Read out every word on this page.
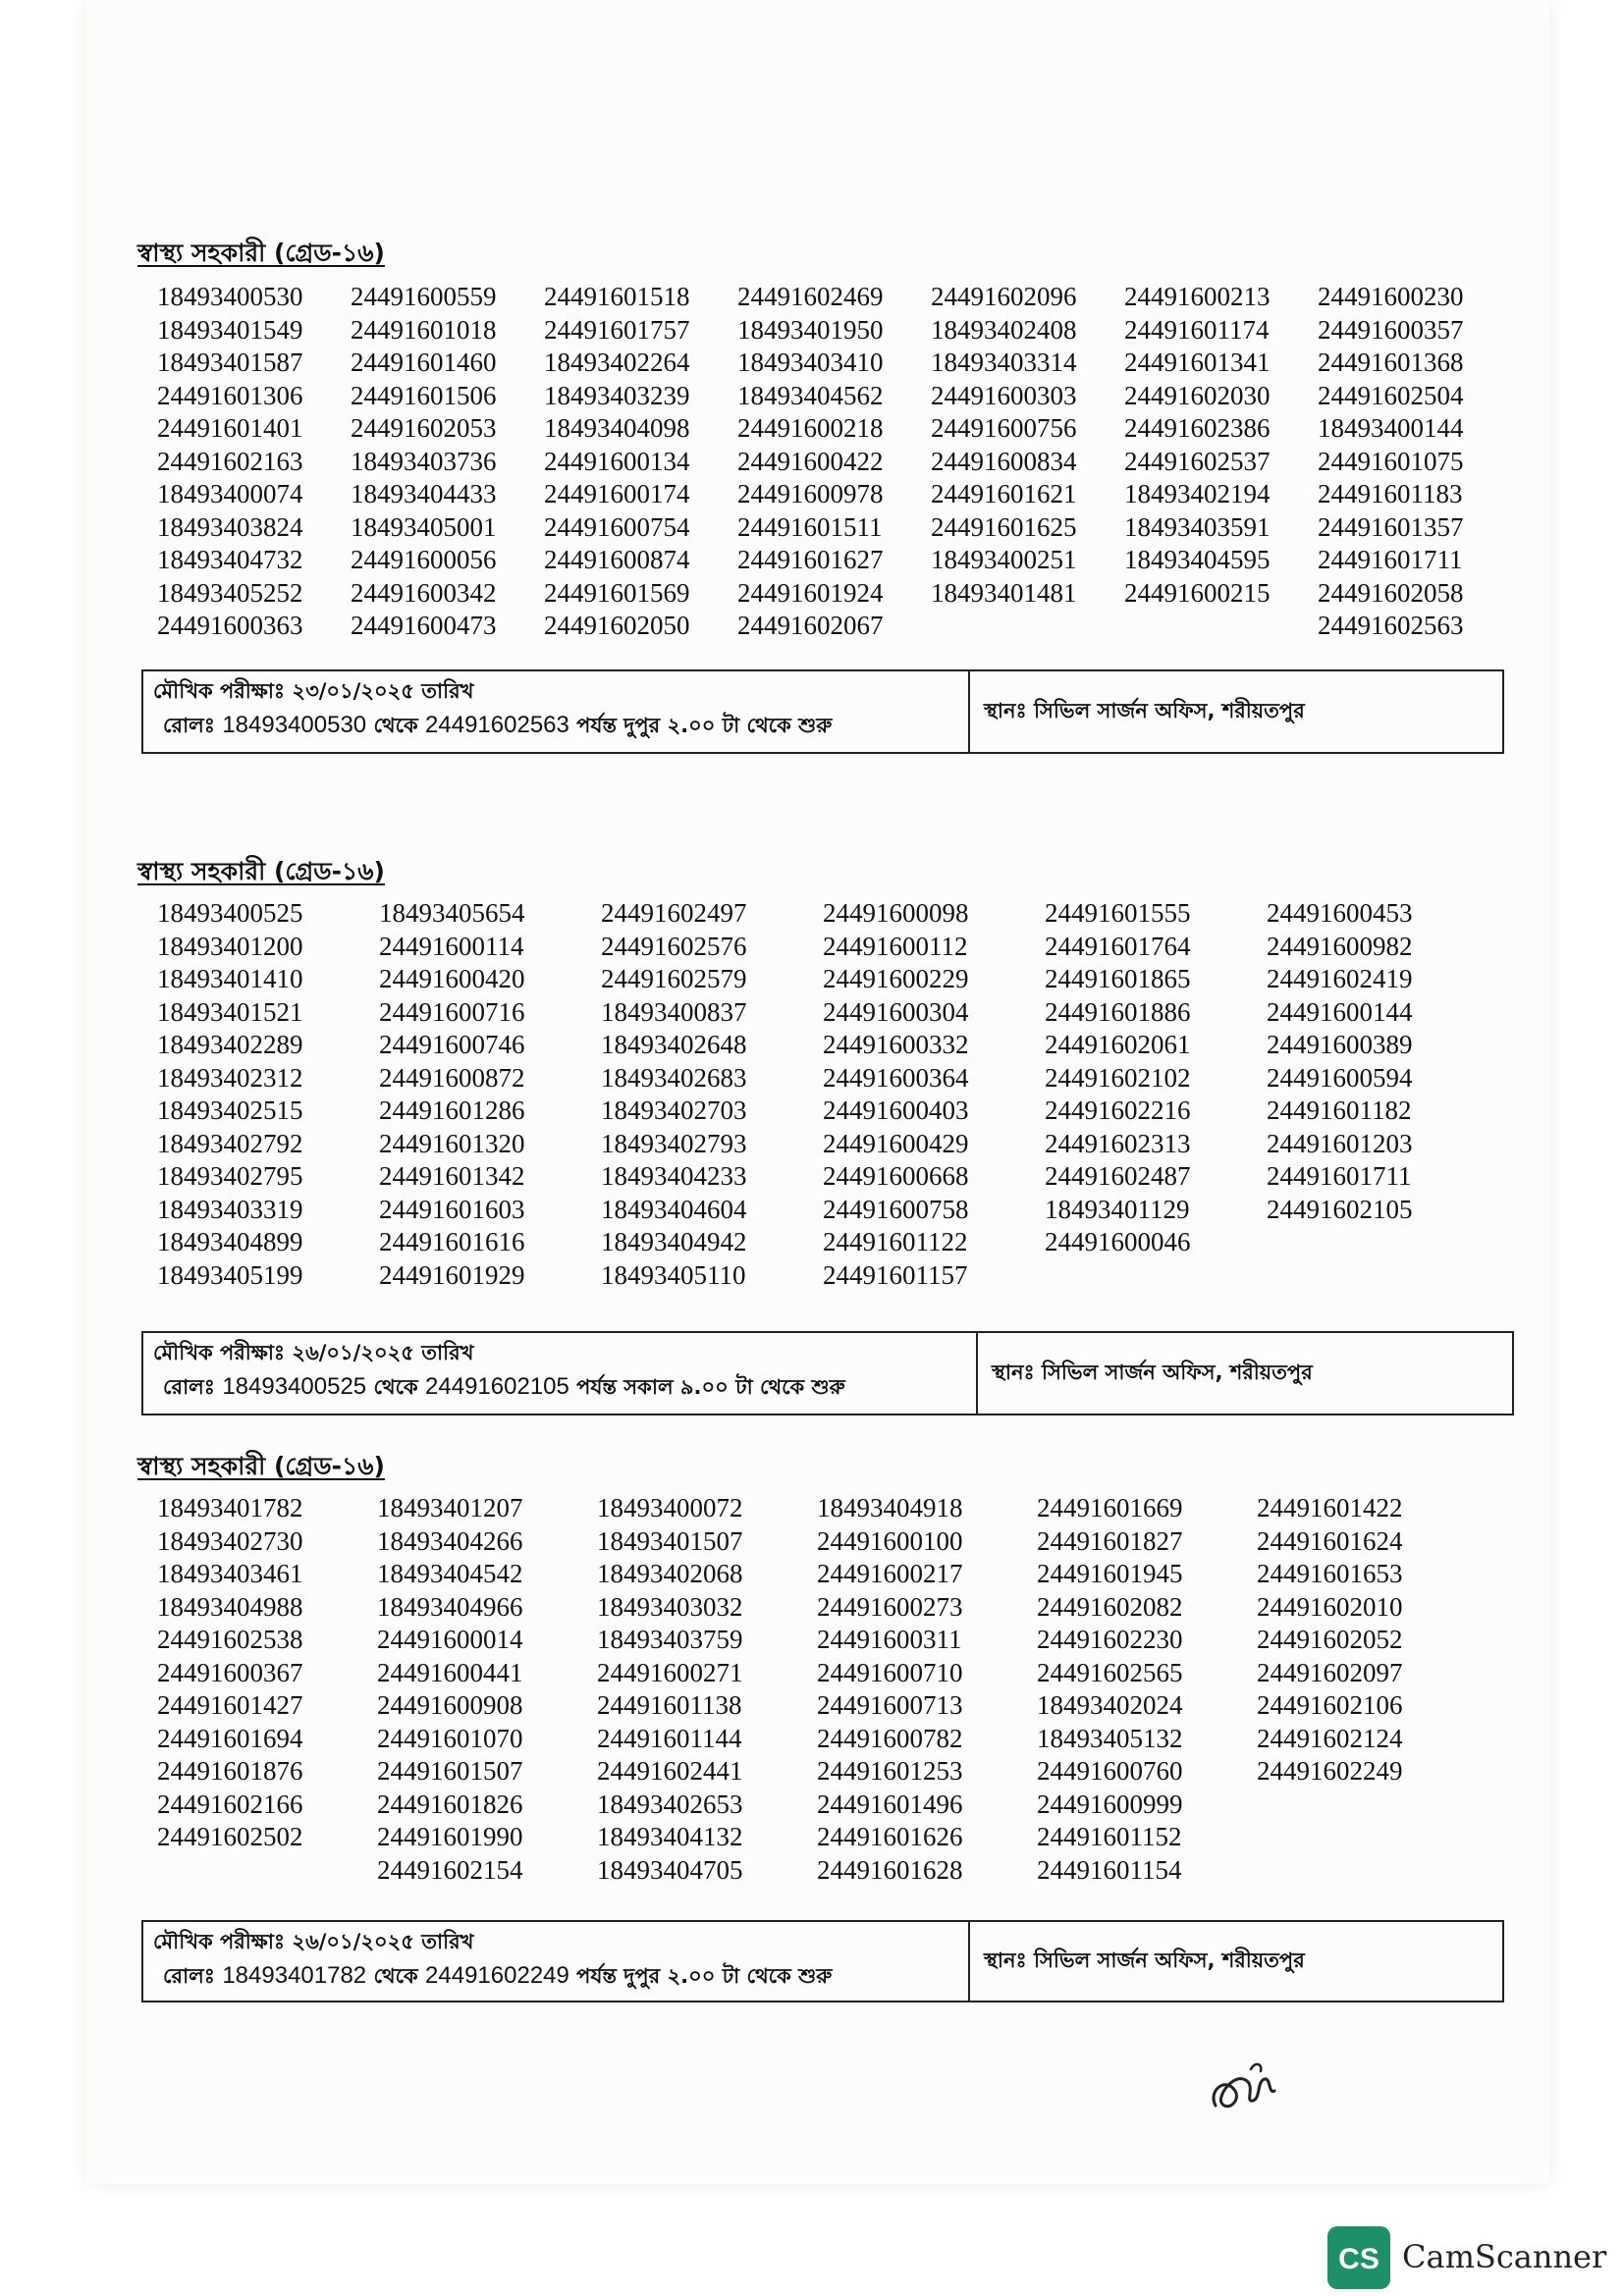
স্বাস্থ্য সহকারী (গ্রেড-১৬)
18493400530
18493401549
18493401587
24491601306
24491601401
24491602163
18493400074
18493403824
18493404732
18493405252
24491600363
24491600559
24491601018
24491601460
24491601506
24491602053
18493403736
18493404433
18493405001
24491600056
24491600342
24491600473
24491601518
24491601757
18493402264
18493403239
18493404098
24491600134
24491600174
24491600754
24491600874
24491601569
24491602050
24491602469
18493401950
18493403410
18493404562
24491600218
24491600422
24491600978
24491601511
24491601627
24491601924
24491602067
24491602096
18493402408
18493403314
24491600303
24491600756
24491600834
24491601621
24491601625
18493400251
18493401481
24491600213
24491601174
24491601341
24491602030
24491602386
24491602537
18493402194
18493403591
18493404595
24491600215
24491600230
24491600357
24491601368
24491602504
18493400144
24491601075
24491601183
24491601357
24491601711
24491602058
24491602563
মৌখিক পরীক্ষাঃ ২৩/০১/২০২৫ তারিখ
রোলঃ 18493400530 থেকে 24491602563 পর্যন্ত দুপুর ২.০০ টা থেকে শুরু
স্থানঃ সিভিল সার্জন অফিস, শরীয়তপুর
স্বাস্থ্য সহকারী (গ্রেড-১৬)
18493400525
18493401200
18493401410
18493401521
18493402289
18493402312
18493402515
18493402792
18493402795
18493403319
18493404899
18493405199
18493405654
24491600114
24491600420
24491600716
24491600746
24491600872
24491601286
24491601320
24491601342
24491601603
24491601616
24491601929
24491602497
24491602576
24491602579
18493400837
18493402648
18493402683
18493402703
18493402793
18493404233
18493404604
18493404942
18493405110
24491600098
24491600112
24491600229
24491600304
24491600332
24491600364
24491600403
24491600429
24491600668
24491600758
24491601122
24491601157
24491601555
24491601764
24491601865
24491601886
24491602061
24491602102
24491602216
24491602313
24491602487
18493401129
24491600046
24491600453
24491600982
24491602419
24491600144
24491600389
24491600594
24491601182
24491601203
24491601711
24491602105
মৌখিক পরীক্ষাঃ ২৬/০১/২০২৫ তারিখ
রোলঃ 18493400525 থেকে 24491602105 পর্যন্ত সকাল ৯.০০ টা থেকে শুরু
স্থানঃ সিভিল সার্জন অফিস, শরীয়তপুর
স্বাস্থ্য সহকারী (গ্রেড-১৬)
18493401782
18493402730
18493403461
18493404988
24491602538
24491600367
24491601427
24491601694
24491601876
24491602166
24491602502
18493401207
18493404266
18493404542
18493404966
24491600014
24491600441
24491600908
24491601070
24491601507
24491601826
24491601990
24491602154
18493400072
18493401507
18493402068
18493403032
18493403759
24491600271
24491601138
24491601144
24491602441
18493402653
18493404132
18493404705
18493404918
24491600100
24491600217
24491600273
24491600311
24491600710
24491600713
24491600782
24491601253
24491601496
24491601626
24491601628
24491601669
24491601827
24491601945
24491602082
24491602230
24491602565
18493402024
18493405132
24491600760
24491600999
24491601152
24491601154
24491601422
24491601624
24491601653
24491602010
24491602052
24491602097
24491602106
24491602124
24491602249
মৌখিক পরীক্ষাঃ ২৬/০১/২০২৫ তারিখ
রোলঃ 18493401782 থেকে 24491602249 পর্যন্ত দুপুর ২.০০ টা থেকে শুরু
স্থানঃ সিভিল সার্জন অফিস, শরীয়তপুর
CS CamScanner
